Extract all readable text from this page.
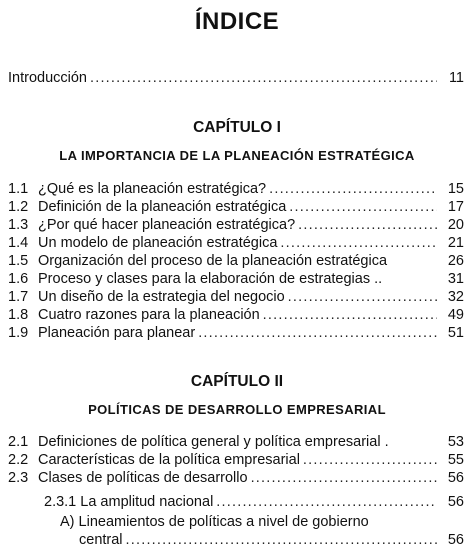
ÍNDICE
Introducción .....	11
CAPÍTULO I
LA IMPORTANCIA DE LA PLANEACIÓN ESTRATÉGICA
1.1 ¿Qué es la planeación estratégica? .....	15
1.2 Definición de la planeación estratégica .....	17
1.3 ¿Por qué hacer planeación estratégica? .....	20
1.4 Un modelo de planeación estratégica .....	21
1.5 Organización del proceso de la planeación estratégica	26
1.6 Proceso y clases para la elaboración de estrategias ..	31
1.7 Un diseño de la estrategia del negocio .....	32
1.8 Cuatro razones para la planeación .....	49
1.9 Planeación para planear .....	51
CAPÍTULO II
POLÍTICAS DE DESARROLLO EMPRESARIAL
2.1 Definiciones de política general y política empresarial .	53
2.2 Características de la política empresarial .....	55
2.3 Clases de políticas de desarrollo .....	56
2.3.1 La amplitud nacional .....	56
A) Lineamientos de políticas a nivel de gobierno
central .....	56
